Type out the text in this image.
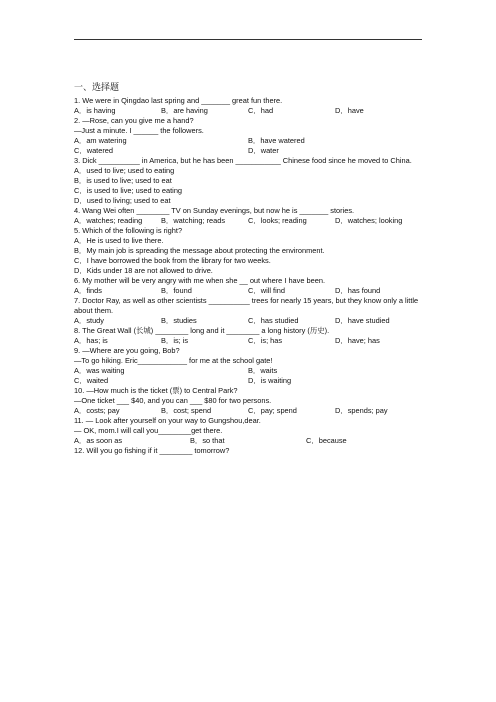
一、选择题
1. We were in Qingdao last spring and _______ great fun there.
A．is having	B．are having	C．had	D．have
2. —Rose, can you give me a hand?
—Just a minute. I ______ the followers.
A．am watering	B．have watered
C．watered	D．water
3. Dick __________ in America, but he has been ___________ Chinese food since he moved to China.
A．used to live; used to eating
B．is used to live; used to eat
C．is used to live; used to eating
D．used to living; used to eat
4. Wang Wei often ________ TV on Sunday evenings, but now he is _______ stories.
A．watches; reading	B．watching; reads	C．looks; reading	D．watches; looking
5. Which of the following is right?
A．He is used to live there.
B．My main job is spreading the message about protecting the environment.
C．I have borrowed the book from the library for two weeks.
D．Kids under 18 are not allowed to drive.
6. My mother will be very angry with me when she __ out where I have been.
A．finds	B．found	C．will find	D．has found
7. Doctor Ray, as well as other scientists __________ trees for nearly 15 years, but they know only a little about them.
A．study	B．studies	C．has studied	D．have studied
8. The Great Wall (长城) ________ long and it ________ a long history (历史).
A．has; is	B．is; is	C．is; has	D．have; has
9. —Where are you going, Bob?
—To go hiking. Eric____________ for me at the school gate!
A．was waiting	B．waits
C．waited	D．is waiting
10. —How much is the ticket (票) to Central Park?
—One ticket ___ $40, and you can ___ $80 for two persons.
A．costs; pay	B．cost; spend	C．pay; spend	D．spends; pay
11. — Look after yourself on your way to Gungshou,dear.
— OK, mom.I will call you________get there.
A．as soon as	B．so that	C．because
12. Will you go fishing if it ________ tomorrow?
